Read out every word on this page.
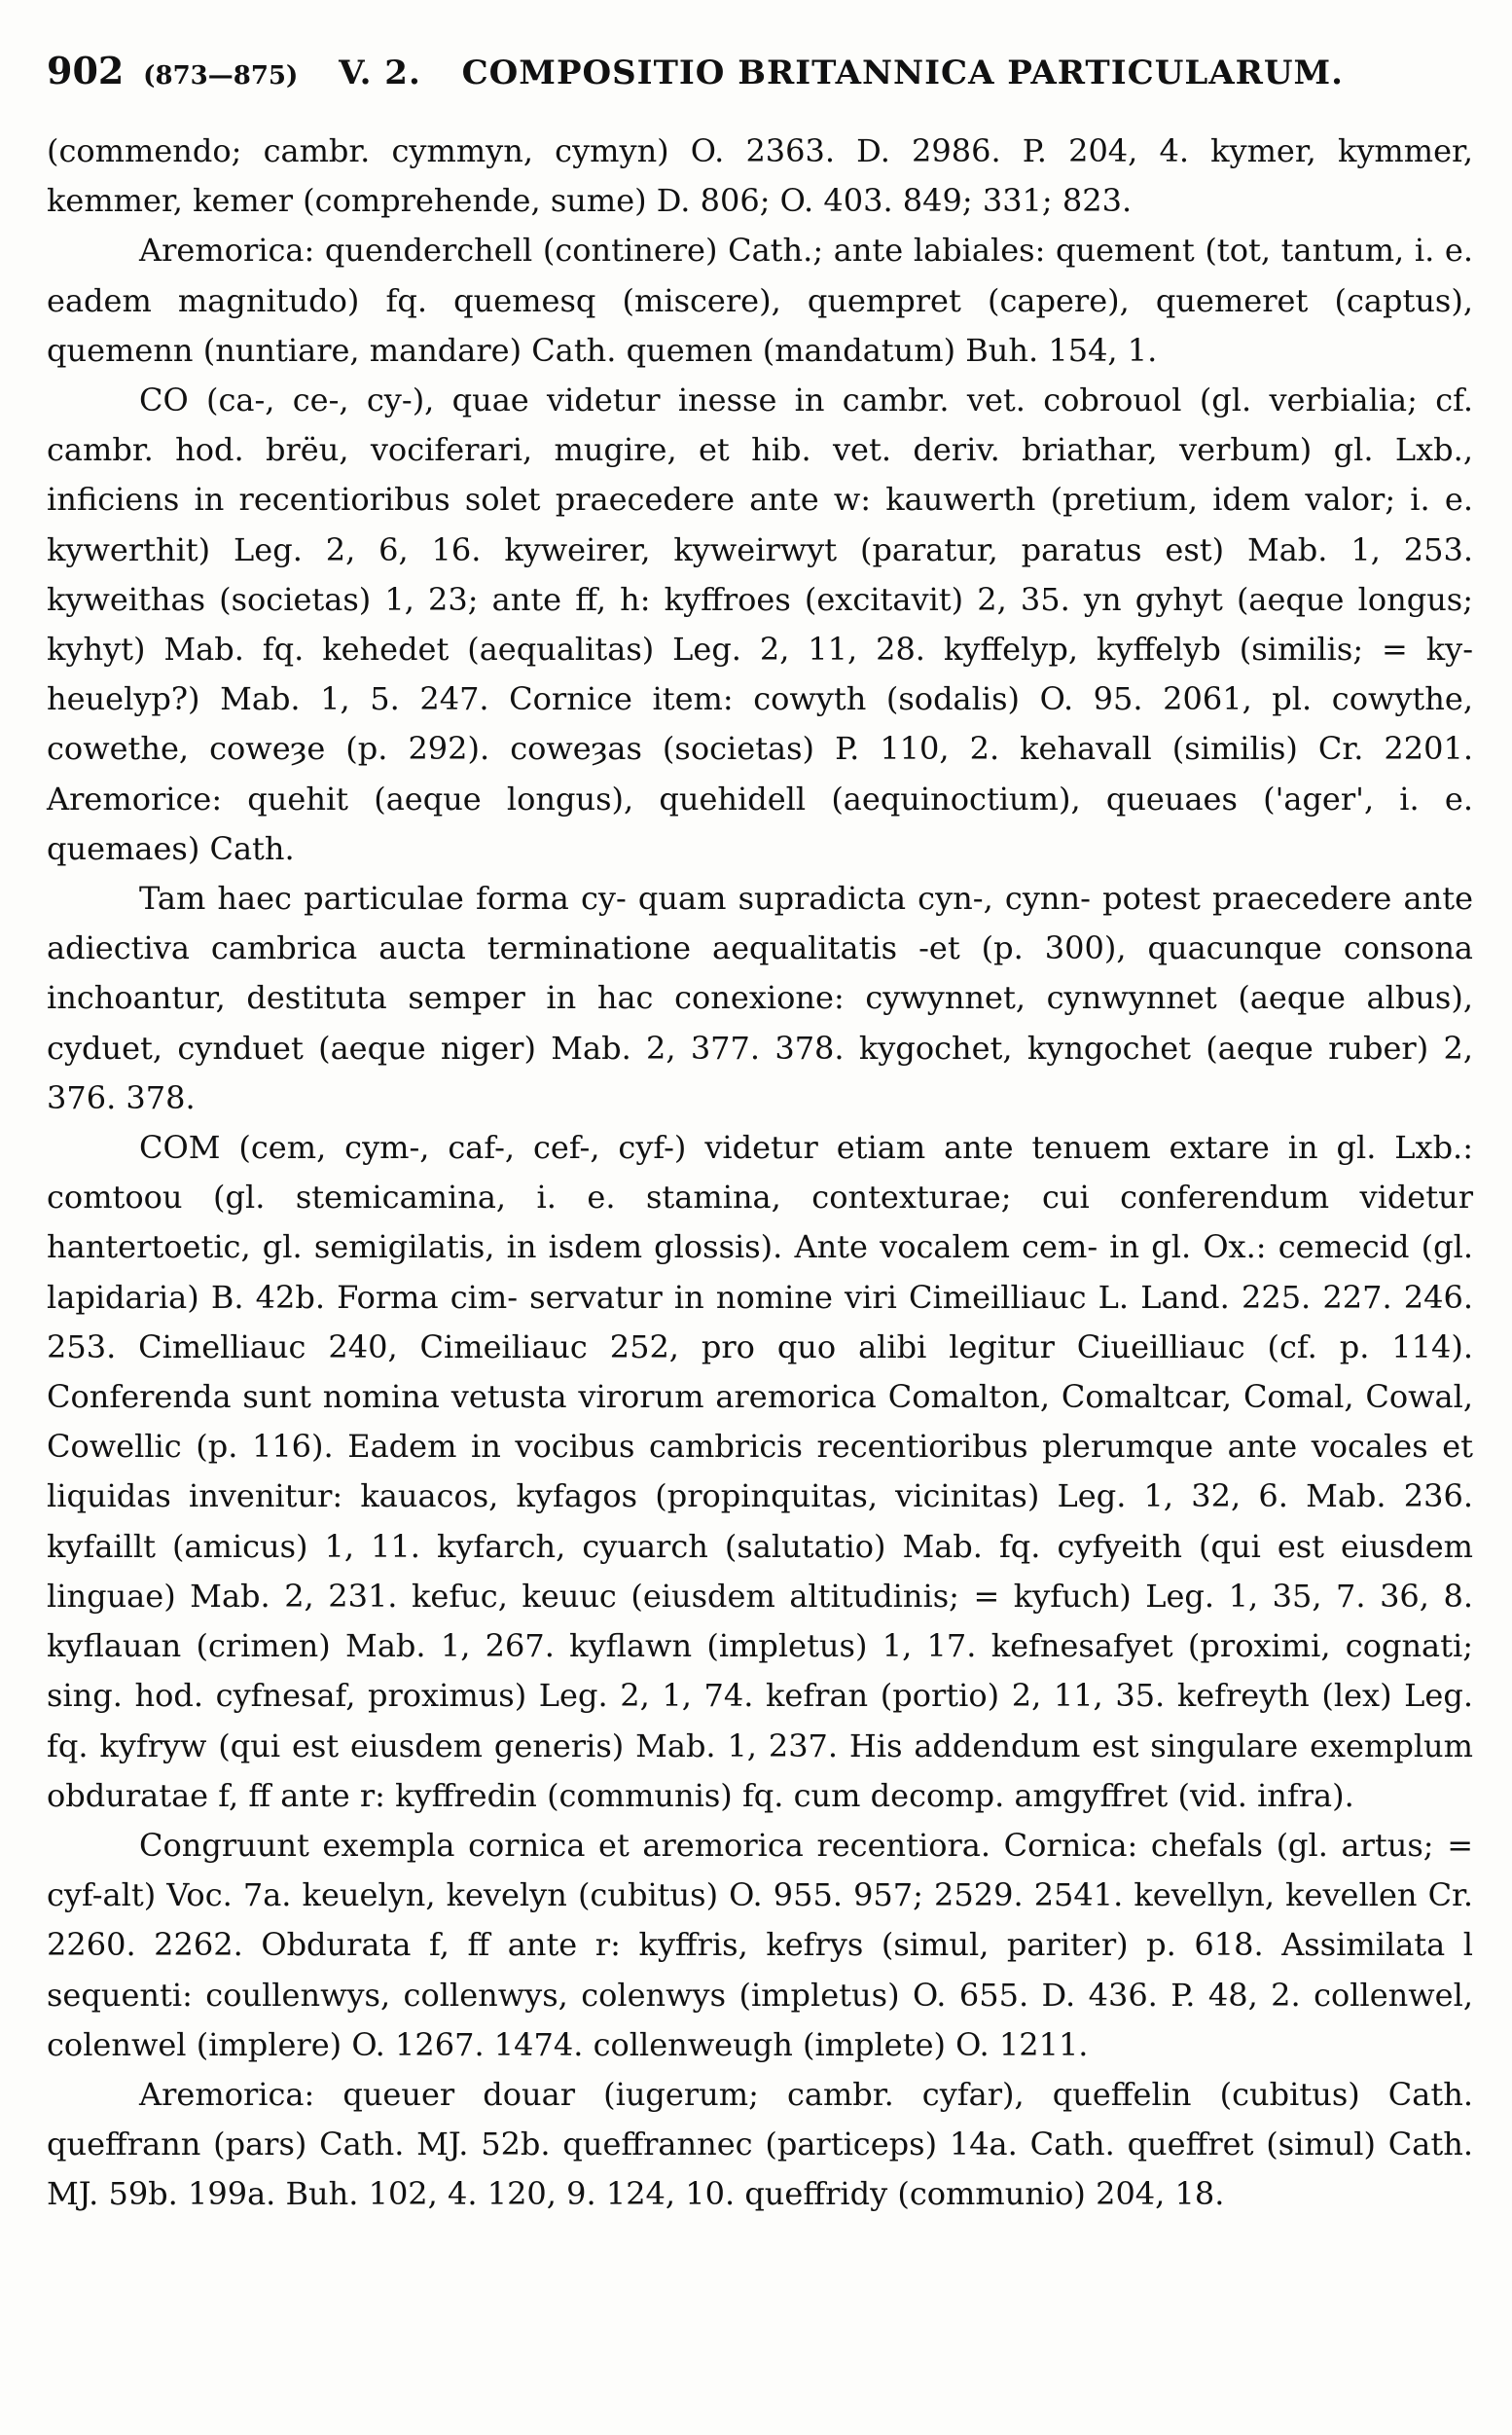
902 (873—875) V. 2. COMPOSITIO BRITANNICA PARTICULARUM.

(commendo; cambr. cymmyn, cymyn) O. 2363. D. 2986. P. 204, 4. kymer, kymmer, kemmer, kemer (comprehende, sume) D. 806; O. 403. 849; 331; 823.

Aremorica: quenderchell (continere) Cath.; ante labiales: quement (tot, tantum, i. e. eadem magnitudo) fq. quemesq (miscere), quempret (capere), quemeret (captus), quemenn (nuntiare, mandare) Cath. quemen (mandatum) Buh. 154, 1.

CO (ca-, ce-, cy-), quae videtur inesse in cambr. vet. cobrouol (gl. verbialia; cf. cambr. hod. brëu, vociferari, mugire, et hib. vet. deriv. briathar, verbum) gl. Lxb., inficiens in recentioribus solet praecedere ante w: kauwerth (pretium, idem valor; i. e. kywerthit) Leg. 2, 6, 16. kyweirer, kyweirwyt (paratur, paratus est) Mab. 1, 253. kyweithas (societas) 1, 23; ante ff, h: kyffroes (excitavit) 2, 35. yn gyhyt (aeque longus; kyhyt) Mab. fq. kehedet (aequalitas) Leg. 2, 11, 28. kyffelyp, kyffelyb (similis; = ky-heuelyp?) Mab. 1, 5. 247. Cornice item: cowyth (sodalis) O. 95. 2061, pl. cowythe, cowethe, coweȝe (p. 292). coweȝas (societas) P. 110, 2. kehavall (similis) Cr. 2201. Aremorice: quehit (aeque longus), quehidell (aequinoctium), queuaes ('ager', i. e. quemaes) Cath.

Tam haec particulae forma cy- quam supradicta cyn-, cynn- potest praecedere ante adiectiva cambrica aucta terminatione aequalitatis -et (p. 300), quacunque consona inchoantur, destituta semper in hac conexione: cywynnet, cynwynnet (aeque albus), cyduet, cynduet (aeque niger) Mab. 2, 377. 378. kygochet, kyngochet (aeque ruber) 2, 376. 378.

COM (cem, cym-, caf-, cef-, cyf-) videtur etiam ante tenuem extare in gl. Lxb.: comtoou (gl. stemicamina, i. e. stamina, contexturae; cui conferendum videtur hantertoetic, gl. semigilatis, in isdem glossis). Ante vocalem cem- in gl. Ox.: cemecid (gl. lapidaria) B. 42b. Forma cim- servatur in nomine viri Cimeilliauc L. Land. 225. 227. 246. 253. Cimelliauc 240, Cimeiliauc 252, pro quo alibi legitur Ciueilliauc (cf. p. 114). Conferenda sunt nomina vetusta virorum aremorica Comalton, Comaltcar, Comal, Cowal, Cowellic (p. 116). Eadem in vocibus cambricis recentioribus plerumque ante vocales et liquidas invenitur: kauacos, kyfagos (propinquitas, vicinitas) Leg. 1, 32, 6. Mab. 236. kyfaillt (amicus) 1, 11. kyfarch, cyuarch (salutatio) Mab. fq. cyfyeith (qui est eiusdem linguae) Mab. 2, 231. kefuc, keuuc (eiusdem altitudinis; = kyfuch) Leg. 1, 35, 7. 36, 8. kyflauan (crimen) Mab. 1, 267. kyflawn (impletus) 1, 17. kefnesafyet (proximi, cognati; sing. hod. cyfnesaf, proximus) Leg. 2, 1, 74. kefran (portio) 2, 11, 35. kefreyth (lex) Leg. fq. kyfryw (qui est eiusdem generis) Mab. 1, 237. His addendum est singulare exemplum obduratae f, ff ante r: kyffredin (communis) fq. cum decomp. amgyffret (vid. infra).

Congruunt exempla cornica et aremorica recentiora. Cornica: chefals (gl. artus; = cyf-alt) Voc. 7a. keuelyn, kevelyn (cubitus) O. 955. 957; 2529. 2541. kevellyn, kevellen Cr. 2260. 2262. Obdurata f, ff ante r: kyffris, kefrys (simul, pariter) p. 618. Assimilata l sequenti: coullenwys, collenwys, colenwys (impletus) O. 655. D. 436. P. 48, 2. collenwel, colenwel (implere) O. 1267. 1474. collenweugh (implete) O. 1211.

Aremorica: queuer douar (iugerum; cambr. cyfar), queffelin (cubitus) Cath. queffrann (pars) Cath. MJ. 52b. queffrannec (particeps) 14a. Cath. queffret (simul) Cath. MJ. 59b. 199a. Buh. 102, 4. 120, 9. 124, 10. queffridy (communio) 204, 18.
